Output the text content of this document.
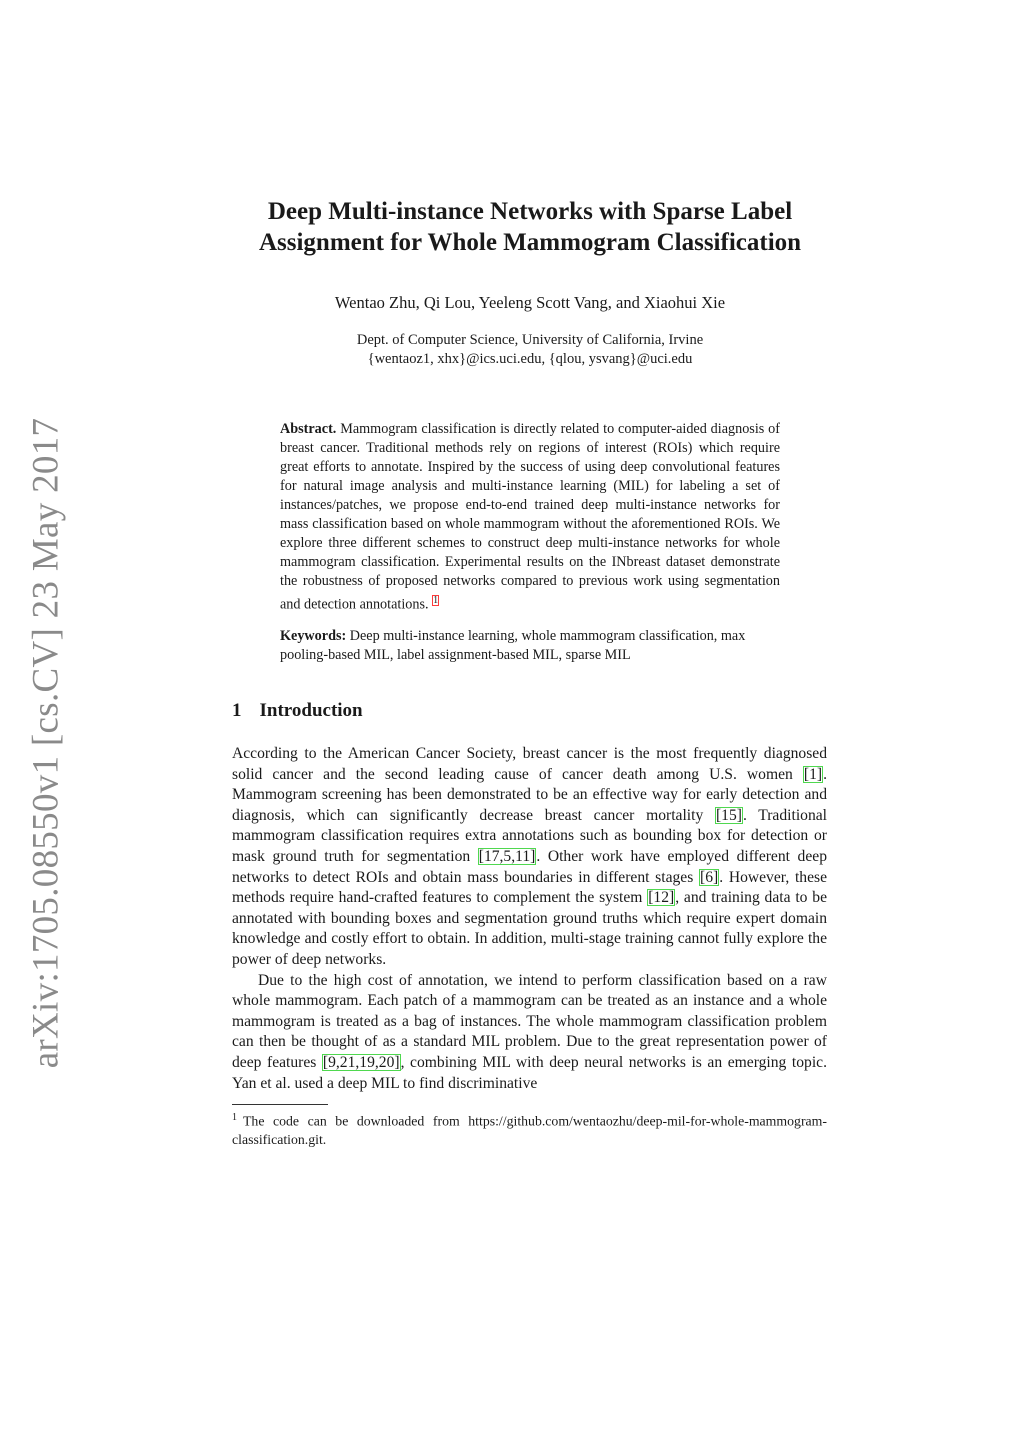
arXiv:1705.08550v1 [cs.CV] 23 May 2017
Deep Multi-instance Networks with Sparse Label
Assignment for Whole Mammogram Classification
Wentao Zhu, Qi Lou, Yeeleng Scott Vang, and Xiaohui Xie
Dept. of Computer Science, University of California, Irvine
{wentaoz1, xhx}@ics.uci.edu, {qlou, ysvang}@uci.edu
Abstract. Mammogram classification is directly related to computer-aided diagnosis of breast cancer. Traditional methods rely on regions of interest (ROIs) which require great efforts to annotate. Inspired by the success of using deep convolutional features for natural image analysis and multi-instance learning (MIL) for labeling a set of instances/patches, we propose end-to-end trained deep multi-instance networks for mass classification based on whole mammogram without the aforementioned ROIs. We explore three different schemes to construct deep multi-instance networks for whole mammogram classification. Experimental results on the INbreast dataset demonstrate the robustness of proposed networks compared to previous work using segmentation and detection annotations. $^1$
Keywords: Deep multi-instance learning, whole mammogram classification, max pooling-based MIL, label assignment-based MIL, sparse MIL
1 Introduction

According to the American Cancer Society, breast cancer is the most frequently diagnosed solid cancer and the second leading cause of cancer death among U.S. women [1]. Mammogram screening has been demonstrated to be an effective way for early detection and diagnosis, which can significantly decrease breast cancer mortality [15]. Traditional mammogram classification requires extra annotations such as bounding box for detection or mask ground truth for segmentation [17,5,11]. Other work have employed different deep networks to detect ROIs and obtain mass boundaries in different stages [6]. However, these methods require hand-crafted features to complement the system [12], and training data to be annotated with bounding boxes and segmentation ground truths which require expert domain knowledge and costly effort to obtain. In addition, multi-stage training cannot fully explore the power of deep networks.

Due to the high cost of annotation, we intend to perform classification based on a raw whole mammogram. Each patch of a mammogram can be treated as an instance and a whole mammogram is treated as a bag of instances. The whole mammogram classification problem can then be thought of as a standard MIL problem. Due to the great representation power of deep features [9,21,19,20], combining MIL with deep neural networks is an emerging topic. Yan et al. used a deep MIL to find discriminative

$^1$ The code can be downloaded from https://github.com/wentaozhu/deep-mil-for-whole-mammogram-classification.git.
